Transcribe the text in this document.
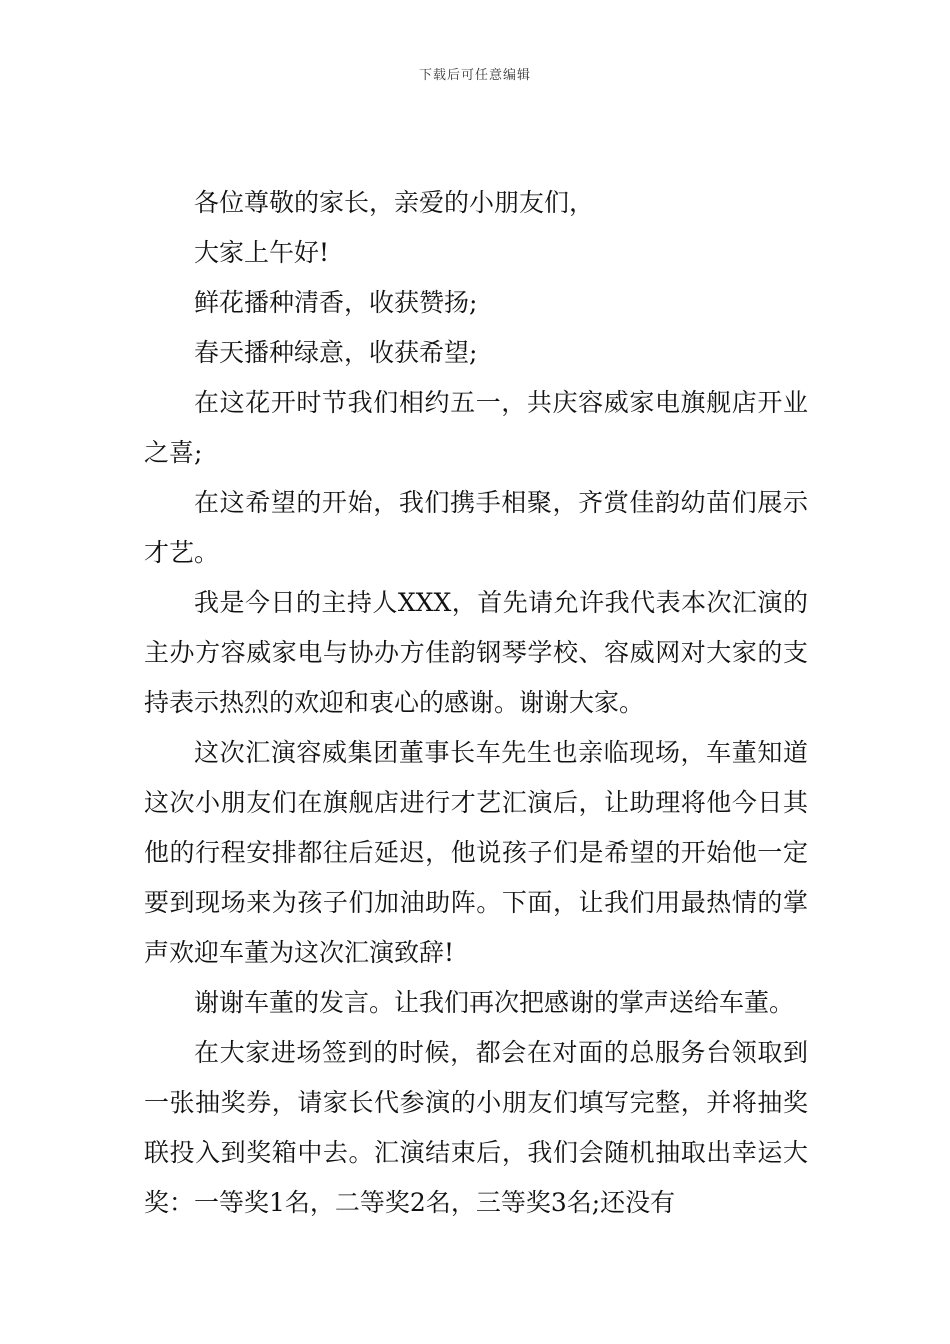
下载后可任意编辑

各位尊敬的家长，亲爱的小朋友们，

大家上午好!

鲜花播种清香，收获赞扬;

春天播种绿意，收获希望;

在这花开时节我们相约五一，共庆容威家电旗舰店开业之喜;

在这希望的开始，我们携手相聚，齐赏佳韵幼苗们展示才艺。

我是今日的主持人XXX，首先请允许我代表本次汇演的主办方容威家电与协办方佳韵钢琴学校、容威网对大家的支持表示热烈的欢迎和衷心的感谢。谢谢大家。

这次汇演容威集团董事长车先生也亲临现场，车董知道这次小朋友们在旗舰店进行才艺汇演后，让助理将他今日其他的行程安排都往后延迟，他说孩子们是希望的开始他一定要到现场来为孩子们加油助阵。下面，让我们用最热情的掌声欢迎车董为这次汇演致辞!

谢谢车董的发言。让我们再次把感谢的掌声送给车董。

在大家进场签到的时候，都会在对面的总服务台领取到一张抽奖券，请家长代参演的小朋友们填写完整，并将抽奖联投入到奖箱中去。汇演结束后，我们会随机抽取出幸运大奖：一等奖1名，二等奖2名，三等奖3名;还没有
